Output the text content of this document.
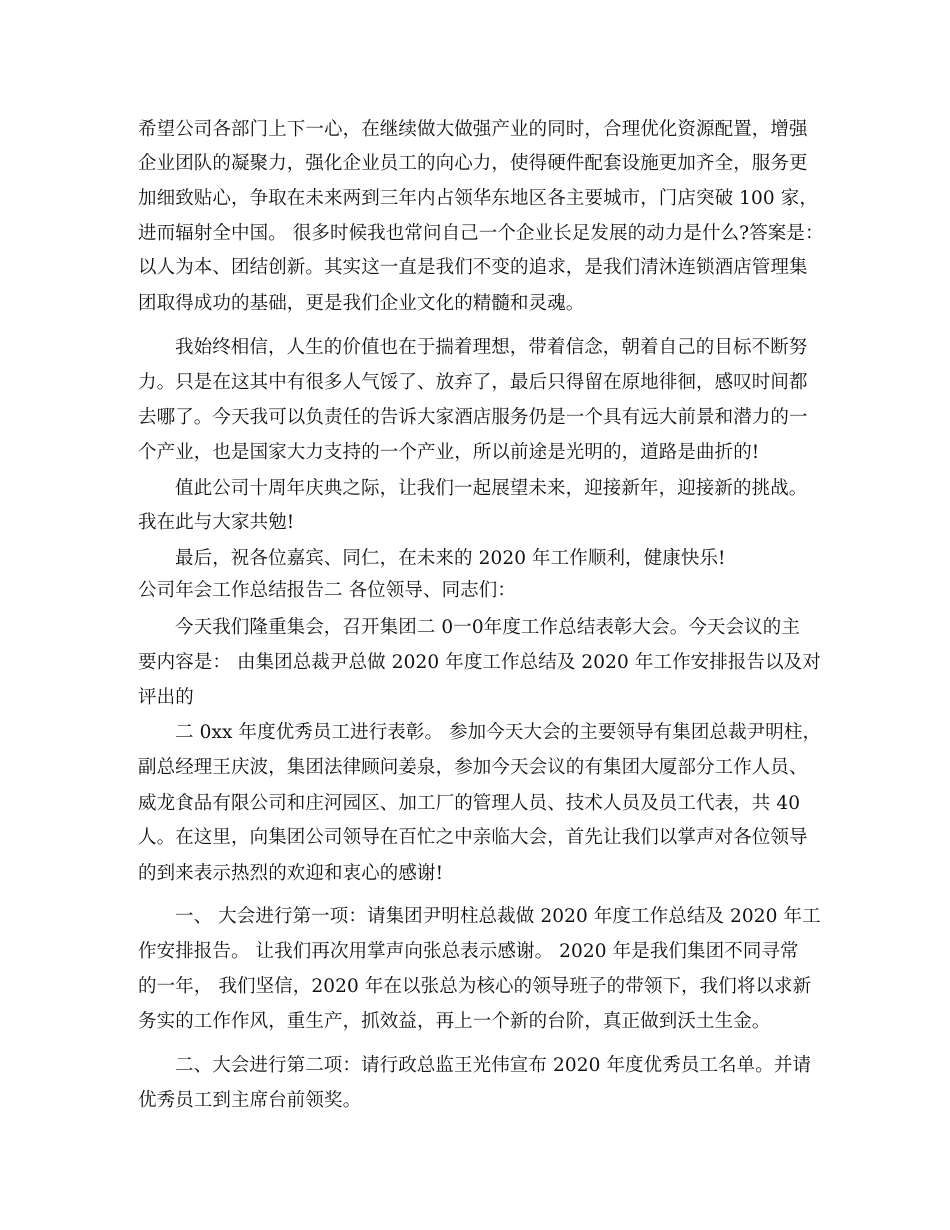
希望公司各部门上下一心，在继续做大做强产业的同时，合理优化资源配置，增强
企业团队的凝聚力，强化企业员工的向心力，使得硬件配套设施更加齐全，服务更
加细致贴心，争取在未来两到三年内占领华东地区各主要城市，门店突破 100 家，
进而辐射全中国。 很多时候我也常问自己一个企业长足发展的动力是什么?答案是：
以人为本、团结创新。其实这一直是我们不变的追求，是我们清沐连锁酒店管理集
团取得成功的基础，更是我们企业文化的精髓和灵魂。
我始终相信，人生的价值也在于揣着理想，带着信念，朝着自己的目标不断努
力。只是在这其中有很多人气馁了、放弃了，最后只得留在原地徘徊，感叹时间都
去哪了。今天我可以负责任的告诉大家酒店服务仍是一个具有远大前景和潜力的一
个产业，也是国家大力支持的一个产业，所以前途是光明的，道路是曲折的!
值此公司十周年庆典之际，让我们一起展望未来，迎接新年，迎接新的挑战。
我在此与大家共勉!
最后，祝各位嘉宾、同仁，在未来的 2020 年工作顺利，健康快乐!
公司年会工作总结报告二 各位领导、同志们：
今天我们隆重集会，召开集团二 0一0年度工作总结表彰大会。今天会议的主
要内容是： 由集团总裁尹总做 2020 年度工作总结及 2020 年工作安排报告以及对
评出的
二 0xx 年度优秀员工进行表彰。 参加今天大会的主要领导有集团总裁尹明柱，
副总经理王庆波，集团法律顾问姜泉，参加今天会议的有集团大厦部分工作人员、
威龙食品有限公司和庄河园区、加工厂的管理人员、技术人员及员工代表，共 40
人。在这里，向集团公司领导在百忙之中亲临大会，首先让我们以掌声对各位领导
的到来表示热烈的欢迎和衷心的感谢!
一、 大会进行第一项：请集团尹明柱总裁做 2020 年度工作总结及 2020 年工
作安排报告。 让我们再次用掌声向张总表示感谢。 2020 年是我们集团不同寻常
的一年， 我们坚信，2020 年在以张总为核心的领导班子的带领下，我们将以求新
务实的工作作风，重生产，抓效益，再上一个新的台阶，真正做到沃土生金。
二、大会进行第二项：请行政总监王光伟宣布 2020 年度优秀员工名单。并请
优秀员工到主席台前领奖。
